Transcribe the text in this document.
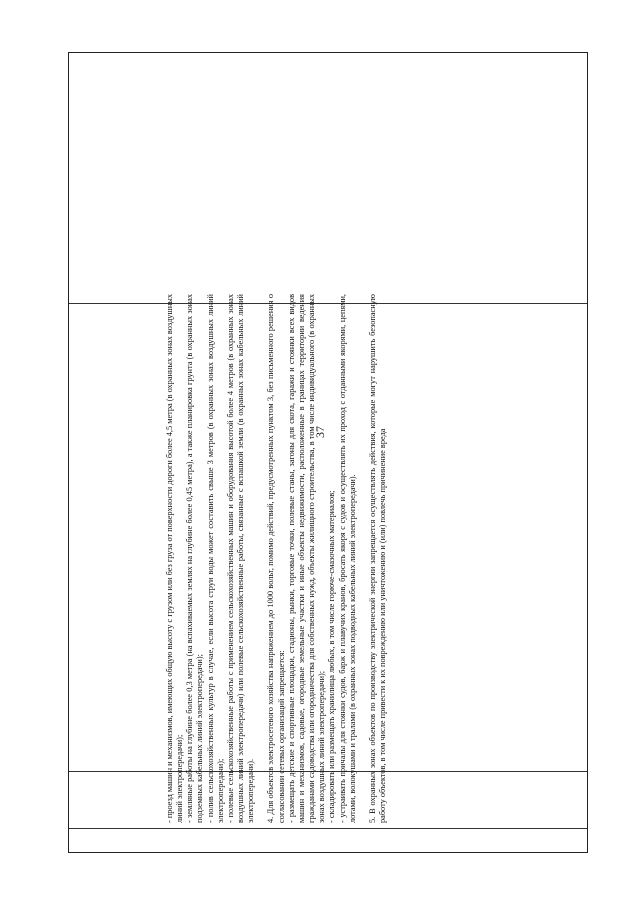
37

- проезд машин и механизмов, имеющих общую высоту с грузом или без груза от поверхности дороги более 4,5 метра (в охранных зонах воздушных линий электропередачи); - земляные работы на глубине более 0,3 метра (на вспахиваемых землях на глубине более 0,45 метра), а также планировка грунта (в охранных зонах подземных кабельных линий электропередачи); - полив сельскохозяйственных культур в случае, если высота струи воды может составить свыше 3 метров (в охранных зонах воздушных линий электропередачи); - полевые сельскохозяйственные работы с применением сельскохозяйственных машин и оборудования высотой более 4 метров (в охранных зонах воздушных линий электропередачи) или полевые сельскохозяйственные работы, связанные с вспашкой земли (в охранных зонах кабельных линий электропередачи). 4. Для объектов электросетевого хозяйства напряжением до 1000 вольт, помимо действий, предусмотренных пунктом 3, без письменного решения о согласовании сетевых организаций запрещается: - размещать детские и спортивные площадки, стадионы, рынки, торговые точки, полевые станы, загоны для скота, гаражи и стоянки всех видов машин и механизмов, садовые, огородные земельные участки и иные объекты недвижимости, расположенные в границах территории ведения гражданами садоводства или огородничества для собственных нужд, объекты жилищного строительства, в том числе индивидуального (в охранных зонах воздушных линий электропередачи); - складировать или размещать хранилища любых, в том числе горюче-смазочных материалов; - устраивать причалы для стоянки судов, барж и плавучих кранов, бросать якоря с судов и осуществлять их проход с отданными якорями, цепями, лотами, волокушами и тралами (в охранных зонах подводных кабельных линий электропередачи). 5. В охранных зонах объектов по производству электрической энергии запрещается осуществлять действия, которые могут нарушить безопасную работу объектов, в том числе привести к их повреждению или уничтожению и (или) повлечь причинение вреда
